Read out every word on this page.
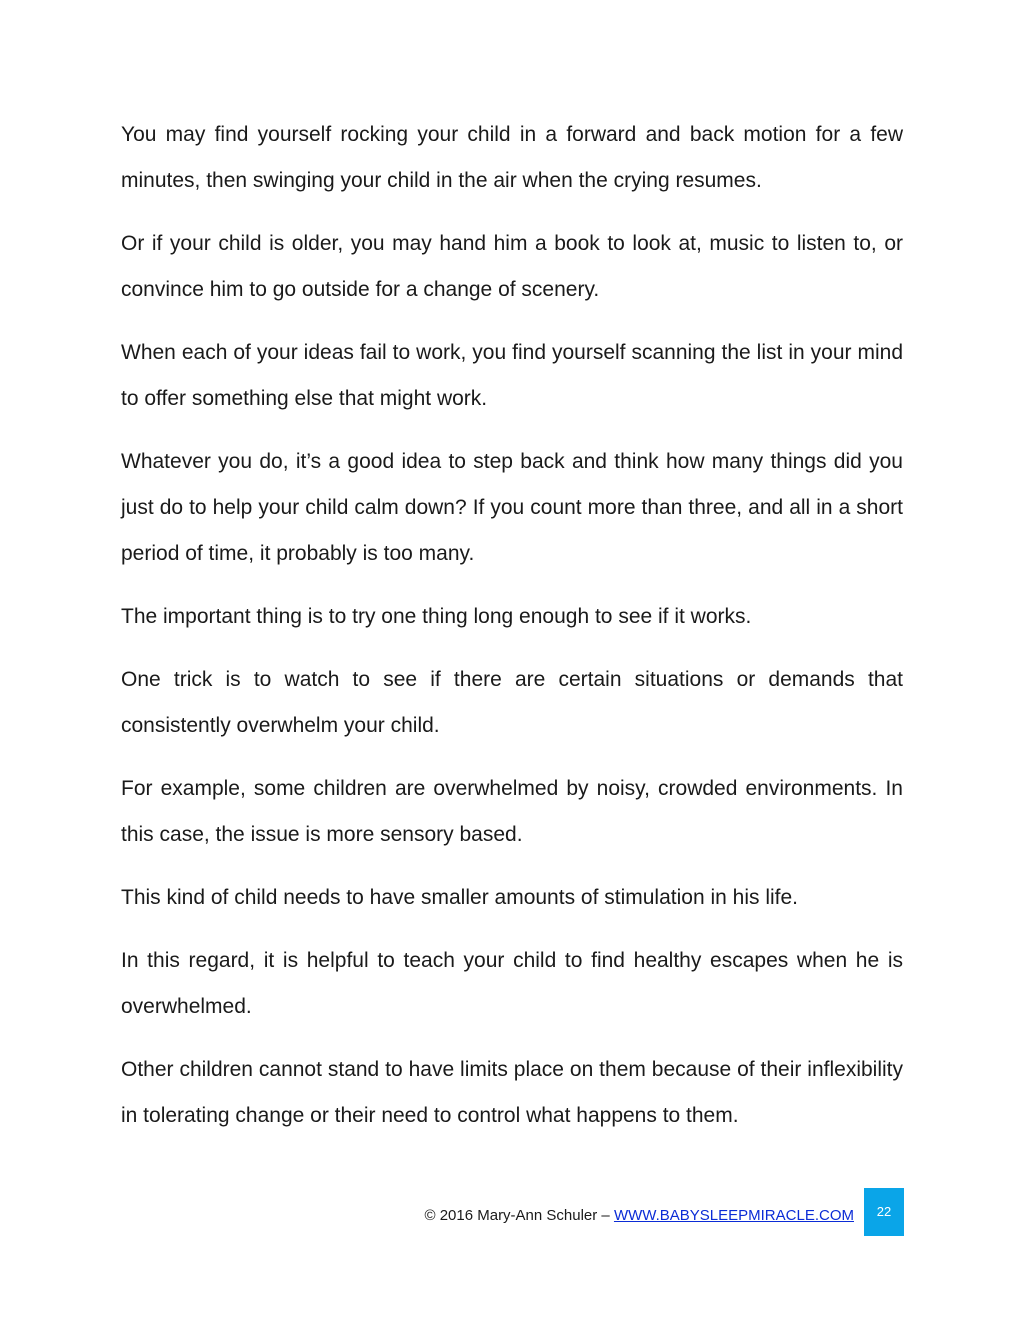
You may find yourself rocking your child in a forward and back motion for a few minutes, then swinging your child in the air when the crying resumes.

Or if your child is older, you may hand him a book to look at, music to listen to, or convince him to go outside for a change of scenery.

When each of your ideas fail to work, you find yourself scanning the list in your mind to offer something else that might work.

Whatever you do, it’s a good idea to step back and think how many things did you just do to help your child calm down? If you count more than three, and all in a short period of time, it probably is too many.

The important thing is to try one thing long enough to see if it works.

One trick is to watch to see if there are certain situations or demands that consistently overwhelm your child.

For example, some children are overwhelmed by noisy, crowded environments. In this case, the issue is more sensory based.

This kind of child needs to have smaller amounts of stimulation in his life.

In this regard, it is helpful to teach your child to find healthy escapes when he is overwhelmed.

Other children cannot stand to have limits place on them because of their inflexibility in tolerating change or their need to control what happens to them.

© 2016 Mary-Ann Schuler – WWW.BABYSLEEPMIRACLE.COM	22
